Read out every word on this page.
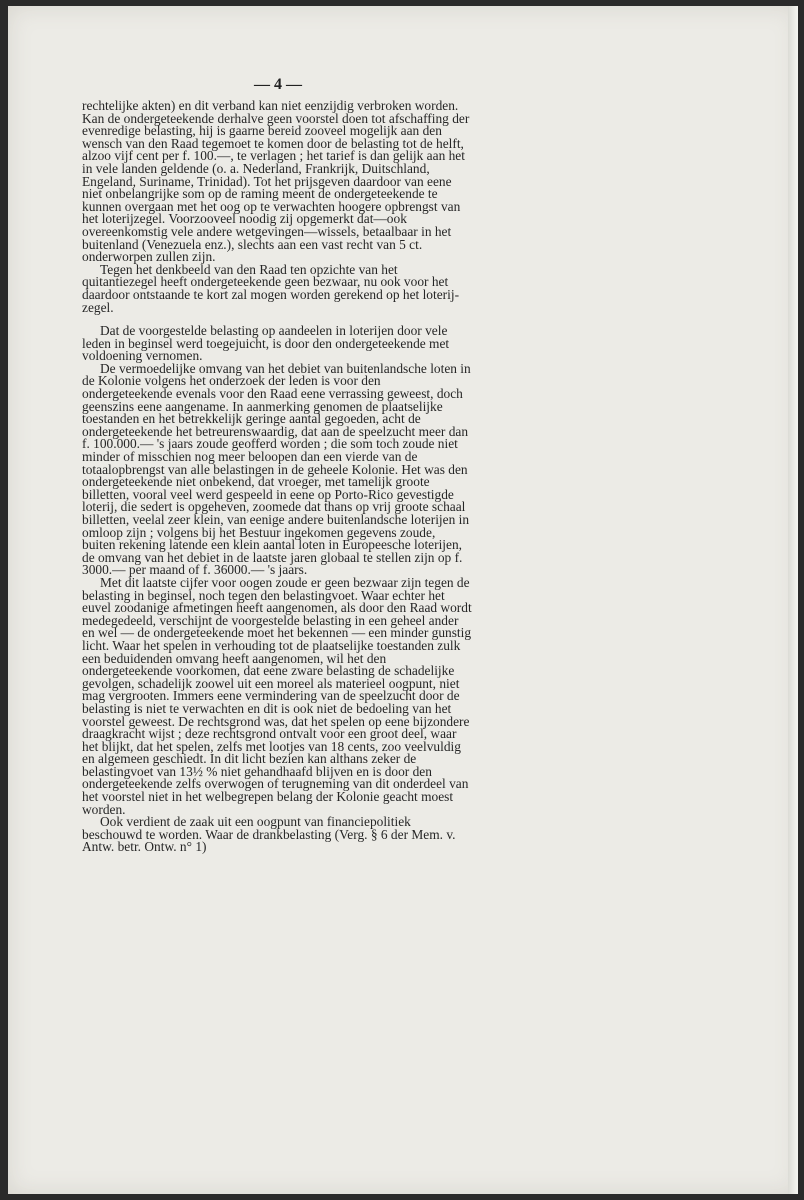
— 4 —

rechtelijke akten) en dit verband kan niet eenzijdig verbroken worden. Kan de ondergeteekende derhalve geen voorstel doen tot afschaffing der evenredige belasting, hij is gaarne bereid zooveel mogelijk aan den wensch van den Raad tegemoet te komen door de belasting tot de helft, alzoo vijf cent per f. 100.—, te verlagen ; het tarief is dan gelijk aan het in vele landen geldende (o. a. Nederland, Frankrijk, Duitschland, Engeland, Suriname, Trinidad). Tot het prijsgeven daardoor van eene niet onbelangrijke som op de raming meent de ondergeteekende te kunnen overgaan met het oog op te verwachten hoogere opbrengst van het loterijzegel. Voorzooveel noodig zij opgemerkt dat—ook overeenkomstig vele andere wetgevingen—wissels, betaalbaar in het buitenland (Venezuela enz.), slechts aan een vast recht van 5 ct. onderworpen zullen zijn.

Tegen het denkbeeld van den Raad ten opzichte van het quitantiezegel heeft ondergeteekende geen bezwaar, nu ook voor het daardoor ontstaande te kort zal mogen worden gerekend op het loterij-zegel.

Dat de voorgestelde belasting op aandeelen in loterijen door vele leden in beginsel werd toegejuicht, is door den ondergeteekende met voldoening vernomen.

De vermoedelijke omvang van het debiet van buitenlandsche loten in de Kolonie volgens het onderzoek der leden is voor den ondergeteekende evenals voor den Raad eene verrassing geweest, doch geenszins eene aangename. In aanmerking genomen de plaatselijke toestanden en het betrekkelijk geringe aantal gegoeden, acht de ondergeteekende het betreurenswaardig, dat aan de speelzucht meer dan f. 100.000.— 's jaars zoude geofferd worden ; die som toch zoude niet minder of misschien nog meer beloopen dan een vierde van de totaalopbrengst van alle belastingen in de geheele Kolonie. Het was den ondergeteekende niet onbekend, dat vroeger, met tamelijk groote billetten, vooral veel werd gespeeld in eene op Porto-Rico gevestigde loterij, die sedert is opgeheven, zoomede dat thans op vrij groote schaal billetten, veelal zeer klein, van eenige andere buitenlandsche loterijen in omloop zijn ; volgens bij het Bestuur ingekomen gegevens zoude, buiten rekening latende een klein aantal loten in Europeesche loterijen, de omvang van het debiet in de laatste jaren globaal te stellen zijn op f. 3000.— per maand of f. 36000.— 's jaars.

Met dit laatste cijfer voor oogen zoude er geen bezwaar zijn tegen de belasting in beginsel, noch tegen den belastingvoet. Waar echter het euvel zoodanige afmetingen heeft aangenomen, als door den Raad wordt medegedeeld, verschijnt de voorgestelde belasting in een geheel ander en wel — de ondergeteekende moet het bekennen — een minder gunstig licht. Waar het spelen in verhouding tot de plaatselijke toestanden zulk een beduidenden omvang heeft aangenomen, wil het den ondergeteekende voorkomen, dat eene zware belasting de schadelijke gevolgen, schadelijk zoowel uit een moreel als materieel oogpunt, niet mag vergrooten. Immers eene vermindering van de speelzucht door de belasting is niet te verwachten en dit is ook niet de bedoeling van het voorstel geweest. De rechtsgrond was, dat het spelen op eene bijzondere draagkracht wijst ; deze rechtsgrond ontvalt voor een groot deel, waar het blijkt, dat het spelen, zelfs met lootjes van 18 cents, zoo veelvuldig en algemeen geschiedt. In dit licht bezien kan althans zeker de belastingvoet van 13½ % niet gehandhaafd blijven en is door den ondergeteekende zelfs overwogen of terugneming van dit onderdeel van het voorstel niet in het welbegrepen belang der Kolonie geacht moest worden.

Ook verdient de zaak uit een oogpunt van financiepolitiek beschouwd te worden. Waar de drankbelasting (Verg. § 6 der Mem. v. Antw. betr. Ontw. n° 1)
